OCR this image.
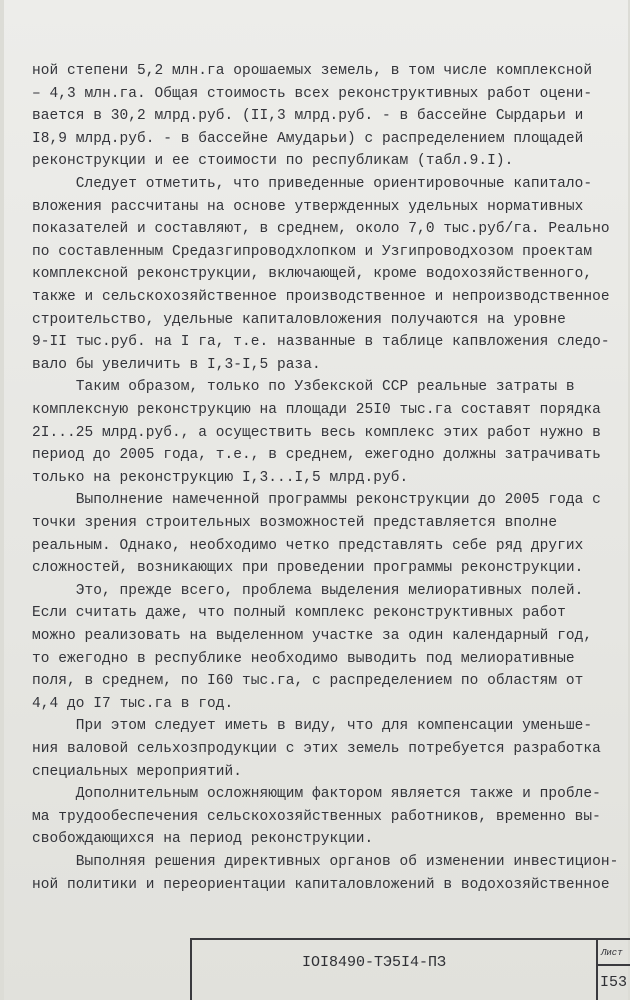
ной степени 5,2 млн.га орошаемых земель, в том числе комплексной
– 4,3 млн.га. Общая стоимость всех реконструктивных работ оцени-
вается в 30,2 млрд.руб. (II,3 млрд.руб. - в бассейне Сырдарьи и
I8,9 млрд.руб. - в бассейне Амударьи) с распределением площадей
реконструкции и ее стоимости по республикам (табл.9.I).
Следует отметить, что приведенные ориентировочные капитало-
вложения рассчитаны на основе утвержденных удельных нормативных
показателей и составляют, в среднем, около 7,0 тыс.руб/га. Реально
по составленным Средазгипроводхлопком и Узгипроводхозом проектам
комплексной реконструкции, включающей, кроме водохозяйственного,
также и сельскохозяйственное производственное и непроизводственное
строительство, удельные капиталовложения получаются на уровне
9-II тыс.руб. на I га, т.е. названные в таблице капвложения следо-
вало бы увеличить в I,3-I,5 раза.
Таким образом, только по Узбекской ССР реальные затраты в
комплексную реконструкцию на площади 25I0 тыс.га составят порядка
2I...25 млрд.руб., а осуществить весь комплекс этих работ нужно в
период до 2005 года, т.е., в среднем, ежегодно должны затрачивать
только на реконструкцию I,3...I,5 млрд.руб.
Выполнение намеченной программы реконструкции до 2005 года с
точки зрения строительных возможностей представляется вполне
реальным. Однако, необходимо четко представлять себе ряд других
сложностей, возникающих при проведении программы реконструкции.
Это, прежде всего, проблема выделения мелиоративных полей.
Если считать даже, что полный комплекс реконструктивных работ
можно реализовать на выделенном участке за один календарный год,
то ежегодно в республике необходимо выводить под мелиоративные
поля, в среднем, по I60 тыс.га, с распределением по областям от
4,4 до I7 тыс.га в год.
При этом следует иметь в виду, что для компенсации уменьше-
ния валовой сельхозпродукции с этих земель потребуется разработка
специальных мероприятий.
Дополнительным осложняющим фактором является также и пробле-
ма трудообеспечения сельскохозяйственных работников, временно вы-
свобождающихся на период реконструкции.
Выполняя решения директивных органов об изменении инвестицион-
ной политики и переориентации капиталовложений в водохозяйственное
IOI8490-ТЭ5I4-ПЗ
Лист
I53
